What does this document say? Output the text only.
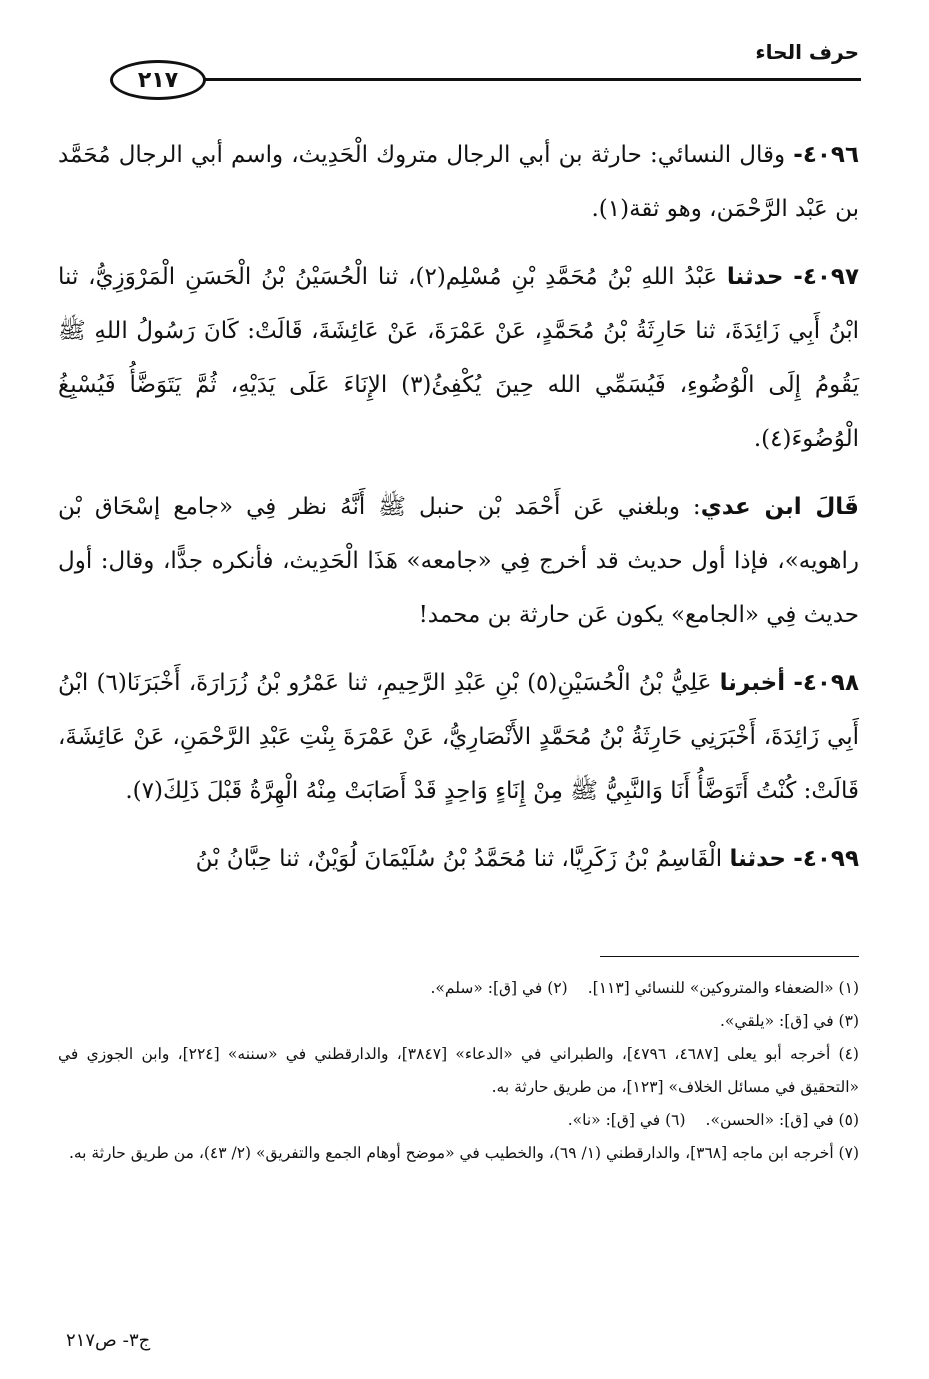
حرف الحاء
٢١٧

٤٠٩٦- وقال النسائي: حارثة بن أبي الرجال متروك الْحَدِيث، واسم أبي الرجال مُحَمَّد بن عَبْد الرَّحْمَن، وهو ثقة(١).

٤٠٩٧- حدثنا عَبْدُ اللهِ بْنُ مُحَمَّدِ بْنِ مُسْلِم(٢)، ثنا الْحُسَيْنُ بْنُ الْحَسَنِ الْمَرْوَزِيُّ، ثنا ابْنُ أَبِي زَائِدَةَ، ثنا حَارِثَةُ بْنُ مُحَمَّدٍ، عَنْ عَمْرَةَ، عَنْ عَائِشَةَ، قَالَتْ: كَانَ رَسُولُ اللهِ ﷺ يَقُومُ إِلَى الْوُضُوءِ، فَيُسَمِّي الله حِينَ يُكْفِئُ(٣) الإِنَاءَ عَلَى يَدَيْهِ، ثُمَّ يَتَوَضَّأُ فَيُسْبِغُ الْوُضُوءَ(٤).

قَالَ ابن عدي: وبلغني عَن أَحْمَد بْن حنبل ﷺ أَنَّهُ نظر فِي «جامع إسْحَاق بْن راهويه»، فإذا أول حديث قد أخرج فِي «جامعه» هَذَا الْحَدِيث، فأنكره جدًّا، وقال: أول حديث فِي «الجامع» يكون عَن حارثة بن محمد!

٤٠٩٨- أخبرنا عَلِيُّ بْنُ الْحُسَيْنِ(٥) بْنِ عَبْدِ الرَّحِيمِ، ثنا عَمْرُو بْنُ زُرَارَةَ، أَخْبَرَنَا(٦) ابْنُ أَبِي زَائِدَةَ، أَخْبَرَنِي حَارِثَةُ بْنُ مُحَمَّدٍ الأَنْصَارِيُّ، عَنْ عَمْرَةَ بِنْتِ عَبْدِ الرَّحْمَنِ، عَنْ عَائِشَةَ، قَالَتْ: كُنْتُ أَتَوَضَّأُ أَنَا وَالنَّبِيُّ ﷺ مِنْ إِنَاءٍ وَاحِدٍ قَدْ أَصَابَتْ مِنْهُ الْهِرَّةُ قَبْلَ ذَلِكَ(٧).

٤٠٩٩- حدثنا الْقَاسِمُ بْنُ زَكَرِيَّا، ثنا مُحَمَّدُ بْنُ سُلَيْمَانَ لُوَيْنٌ، ثنا حِبَّانُ بْنُ

(١) «الضعفاء والمتروكين» للنسائي [١١٣].

(٢) في [ق]: «سلم».

(٣) في [ق]: «يلقي».

(٤) أخرجه أبو يعلى [٤٦٨٧، ٤٧٩٦]، والطبراني في «الدعاء» [٣٨٤٧]، والدارقطني في «سننه» [٢٢٤]، وابن الجوزي في «التحقيق في مسائل الخلاف» [١٢٣]، من طريق حارثة به.

(٥) في [ق]: «الحسن».

(٦) في [ق]: «نا».

(٧) أخرجه ابن ماجه [٣٦٨]، والدارقطني (١/ ٦٩)، والخطيب في «موضح أوهام الجمع والتفريق» (٢/ ٤٣)، من طريق حارثة به.

ج٣- ص٢١٧
